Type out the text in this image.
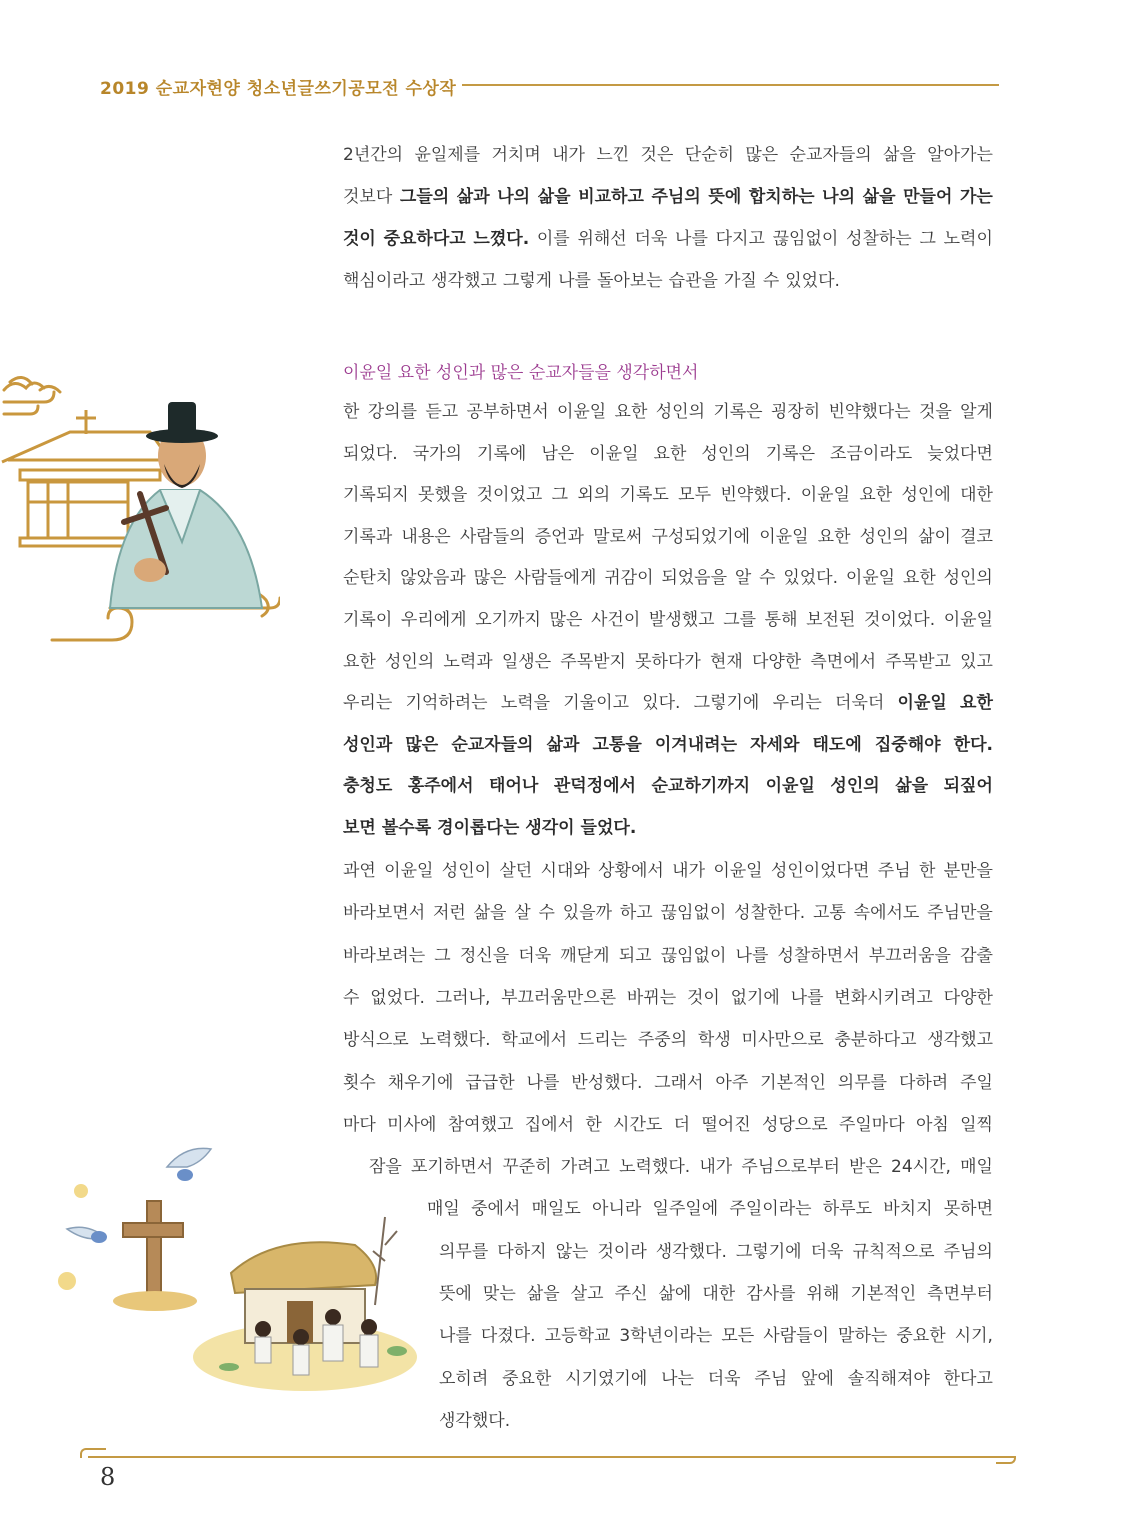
2019 순교자현양 청소년글쓰기공모전 수상작
2년간의 윤일제를 거치며 내가 느낀 것은 단순히 많은 순교자들의 삶을 알아가는
것보다 그들의 삶과 나의 삶을 비교하고 주님의 뜻에 합치하는 나의 삶을 만들어 가는
것이 중요하다고 느꼈다. 이를 위해선 더욱 나를 다지고 끊임없이 성찰하는 그 노력이
핵심이라고 생각했고 그렇게 나를 돌아보는 습관을 가질 수 있었다.
이윤일 요한 성인과 많은 순교자들을 생각하면서
한 강의를 듣고 공부하면서 이윤일 요한 성인의 기록은 굉장히 빈약했다는 것을 알게
되었다. 국가의 기록에 남은 이윤일 요한 성인의 기록은 조금이라도 늦었다면
기록되지 못했을 것이었고 그 외의 기록도 모두 빈약했다. 이윤일 요한 성인에 대한
기록과 내용은 사람들의 증언과 말로써 구성되었기에 이윤일 요한 성인의 삶이 결코
순탄치 않았음과 많은 사람들에게 귀감이 되었음을 알 수 있었다. 이윤일 요한 성인의
기록이 우리에게 오기까지 많은 사건이 발생했고 그를 통해 보전된 것이었다. 이윤일
요한 성인의 노력과 일생은 주목받지 못하다가 현재 다양한 측면에서 주목받고 있고
우리는 기억하려는 노력을 기울이고 있다. 그렇기에 우리는 더욱더 이윤일 요한
성인과 많은 순교자들의 삶과 고통을 이겨내려는 자세와 태도에 집중해야 한다.
충청도 홍주에서 태어나 관덕정에서 순교하기까지 이윤일 성인의 삶을 되짚어
보면 볼수록 경이롭다는 생각이 들었다.
과연 이윤일 성인이 살던 시대와 상황에서 내가 이윤일 성인이었다면 주님 한 분만을
바라보면서 저런 삶을 살 수 있을까 하고 끊임없이 성찰한다. 고통 속에서도 주님만을
바라보려는 그 정신을 더욱 깨닫게 되고 끊임없이 나를 성찰하면서 부끄러움을 감출
수 없었다. 그러나, 부끄러움만으론 바뀌는 것이 없기에 나를 변화시키려고 다양한
방식으로 노력했다. 학교에서 드리는 주중의 학생 미사만으로 충분하다고 생각했고
횟수 채우기에 급급한 나를 반성했다. 그래서 아주 기본적인 의무를 다하려 주일
마다 미사에 참여했고 집에서 한 시간도 더 떨어진 성당으로 주일마다 아침 일찍
잠을 포기하면서 꾸준히 가려고 노력했다. 내가 주님으로부터 받은 24시간, 매일
매일 중에서 매일도 아니라 일주일에 주일이라는 하루도 바치지 못하면
의무를 다하지 않는 것이라 생각했다. 그렇기에 더욱 규칙적으로 주님의
뜻에 맞는 삶을 살고 주신 삶에 대한 감사를 위해 기본적인 측면부터
나를 다졌다. 고등학교 3학년이라는 모든 사람들이 말하는 중요한 시기,
오히려 중요한 시기였기에 나는 더욱 주님 앞에 솔직해져야 한다고
생각했다.
8
